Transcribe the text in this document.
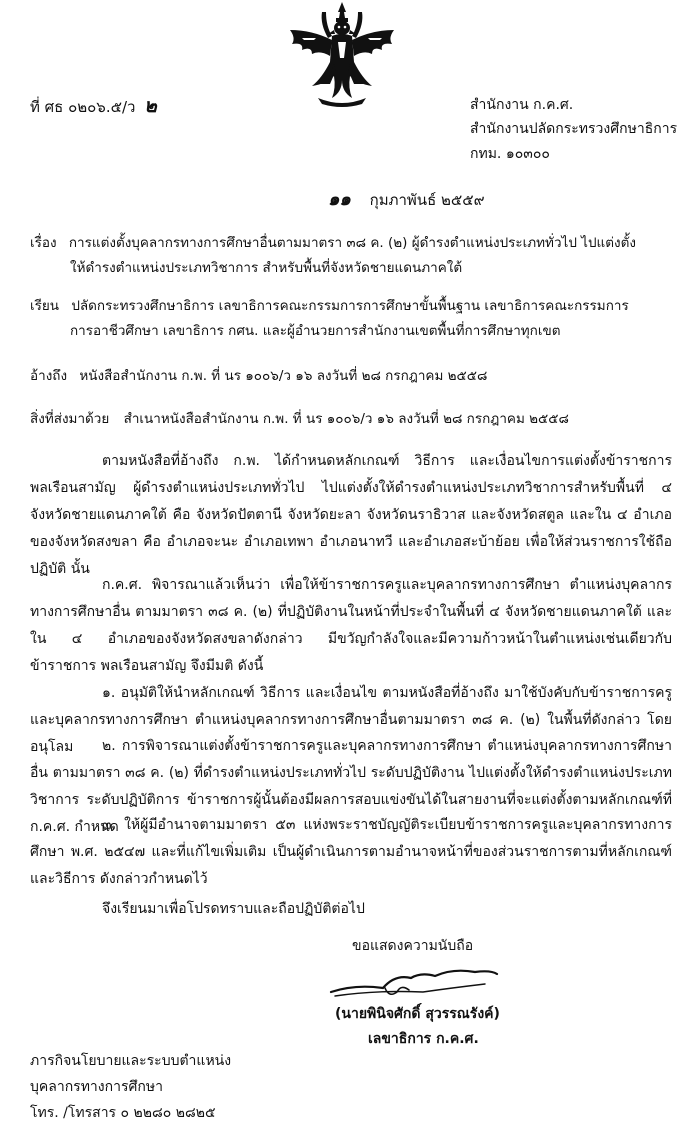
ที่ ศธ ๐๒๐๖.๕/ว ๒	สำนักงาน ก.ค.ศ.
สำนักงานปลัดกระทรวงศึกษาธิการ
กทม. ๑๐๓๐๐
๑๑ กุมภาพันธ์ ๒๕๕๙
เรื่อง การแต่งตั้งบุคลากรทางการศึกษาอื่นตามมาตรา ๓๘ ค. (๒) ผู้ดำรงตำแหน่งประเภททั่วไป ไปแต่งตั้ง
ให้ดำรงตำแหน่งประเภทวิชาการ สำหรับพื้นที่จังหวัดชายแดนภาคใต้
เรียน ปลัดกระทรวงศึกษาธิการ เลขาธิการคณะกรรมการการศึกษาขั้นพื้นฐาน เลขาธิการคณะกรรมการ
การอาชีวศึกษา เลขาธิการ กศน. และผู้อำนวยการสำนักงานเขตพื้นที่การศึกษาทุกเขต
อ้างถึง หนังสือสำนักงาน ก.พ. ที่ นร ๑๐๐๖/ว ๑๖ ลงวันที่ ๒๘ กรกฎาคม ๒๕๕๘
สิ่งที่ส่งมาด้วย สำเนาหนังสือสำนักงาน ก.พ. ที่ นร ๑๐๐๖/ว ๑๖ ลงวันที่ ๒๘ กรกฎาคม ๒๕๕๘
ตามหนังสือที่อ้างถึง ก.พ. ได้กำหนดหลักเกณฑ์ วิธีการ และเงื่อนไขการแต่งตั้งข้าราชการพลเรือนสามัญ ผู้ดำรงตำแหน่งประเภททั่วไป ไปแต่งตั้งให้ดำรงตำแหน่งประเภทวิชาการสำหรับพื้นที่ ๔ จังหวัดชายแดนภาคใต้ คือ จังหวัดปัตตานี จังหวัดยะลา จังหวัดนราธิวาส และจังหวัดสตูล และใน ๔ อำเภอของจังหวัดสงขลา คือ อำเภอจะนะ อำเภอเทพา อำเภอนาทวี และอำเภอสะบ้าย้อย เพื่อให้ส่วนราชการใช้ถือปฏิบัติ นั้น
ก.ค.ศ. พิจารณาแล้วเห็นว่า เพื่อให้ข้าราชการครูและบุคลากรทางการศึกษา ตำแหน่งบุคลากร ทางการศึกษาอื่น ตามมาตรา ๓๘ ค. (๒) ที่ปฏิบัติงานในหน้าที่ประจำในพื้นที่ ๔ จังหวัดชายแดนภาคใต้ และ ใน ๔ อำเภอของจังหวัดสงขลาดังกล่าว มีขวัญกำลังใจและมีความก้าวหน้าในตำแหน่งเช่นเดียวกับข้าราชการ พลเรือนสามัญ จึงมีมติ ดังนี้
๑. อนุมัติให้นำหลักเกณฑ์ วิธีการ และเงื่อนไข ตามหนังสือที่อ้างถึง มาใช้บังคับกับข้าราชการครู และบุคลากรทางการศึกษา ตำแหน่งบุคลากรทางการศึกษาอื่นตามมาตรา ๓๘ ค. (๒) ในพื้นที่ดังกล่าว โดยอนุโลม	๒. การพิจารณาแต่งตั้งข้าราชการครูและบุคลากรทางการศึกษา ตำแหน่งบุคลากรทางการศึกษาอื่น ตามมาตรา ๓๘ ค. (๒) ที่ดำรงตำแหน่งประเภททั่วไป ระดับปฏิบัติงาน ไปแต่งตั้งให้ดำรงตำแหน่งประเภทวิชาการ ระดับปฏิบัติการ ข้าราชการผู้นั้นต้องมีผลการสอบแข่งขันได้ในสายงานที่จะแต่งตั้งตามหลักเกณฑ์ที่ ก.ค.ศ. กำหนด
๓. ให้ผู้มีอำนาจตามมาตรา ๕๓ แห่งพระราชบัญญัติระเบียบข้าราชการครูและบุคลากรทางการศึกษา พ.ศ. ๒๕๔๗ และที่แก้ไขเพิ่มเติม เป็นผู้ดำเนินการตามอำนาจหน้าที่ของส่วนราชการตามที่หลักเกณฑ์และวิธีการ ดังกล่าวกำหนดไว้
จึงเรียนมาเพื่อโปรดทราบและถือปฏิบัติต่อไป
ขอแสดงความนับถือ
(นายพินิจศักดิ์ สุวรรณรังค์)
เลขาธิการ ก.ค.ศ.
ภารกิจนโยบายและระบบตำแหน่ง
บุคลากรทางการศึกษา
โทร. /โทรสาร ๐ ๒๒๘๐ ๒๘๒๕
